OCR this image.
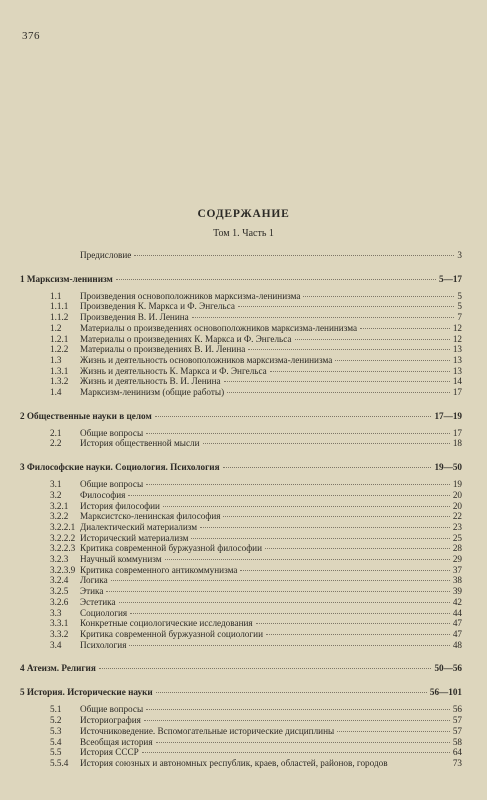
376
СОДЕРЖАНИЕ
Том 1. Часть 1
Предисловие	3
1 Марксизм-ленинизм	5—17
1.1	Произведения основоположников марксизма-ленинизма	5
1.1.1	Произведения К. Маркса и Ф. Энгельса	5
1.1.2	Произведения В. И. Ленина	7
1.2	Материалы о произведениях основоположников марксизма-ленинизма	12
1.2.1	Материалы о произведениях К. Маркса и Ф. Энгельса	12
1.2.2	Материалы о произведениях В. И. Ленина	13
1.3	Жизнь и деятельность основоположников марксизма-ленинизма	13
1.3.1	Жизнь и деятельность К. Маркса и Ф. Энгельса	13
1.3.2	Жизнь и деятельность В. И. Ленина	14
1.4	Марксизм-ленинизм (общие работы)	17
2 Общественные науки в целом	17—19
2.1	Общие вопросы	17
2.2	История общественной мысли	18
3 Философские науки. Социология. Психология	19—50
3.1	Общие вопросы	19
3.2	Философия	20
3.2.1	История философии	20
3.2.2	Марксистско-ленинская философия	22
3.2.2.1 Диалектический материализм	23
3.2.2.2 Исторический материализм	25
3.2.2.3 Критика современной буржуазной философии	28
3.2.3	Научный коммунизм	29
3.2.3.9 Критика современного антикоммунизма	37
3.2.4	Логика	38
3.2.5	Этика	39
3.2.6	Эстетика	42
3.3	Социология	44
3.3.1	Конкретные социологические исследования	47
3.3.2	Критика современной буржуазной социологии	47
3.4	Психология	48
4 Атеизм. Религия	50—56
5 История. Исторические науки	56—101
5.1	Общие вопросы	56
5.2	Историография	57
5.3	Источниковедение. Вспомогательные исторические дисциплины	57
5.4	Всеобщая история	58
5.5	История СССР	64
5.5.4	История союзных и автономных республик, краев, областей, районов, городов	73
